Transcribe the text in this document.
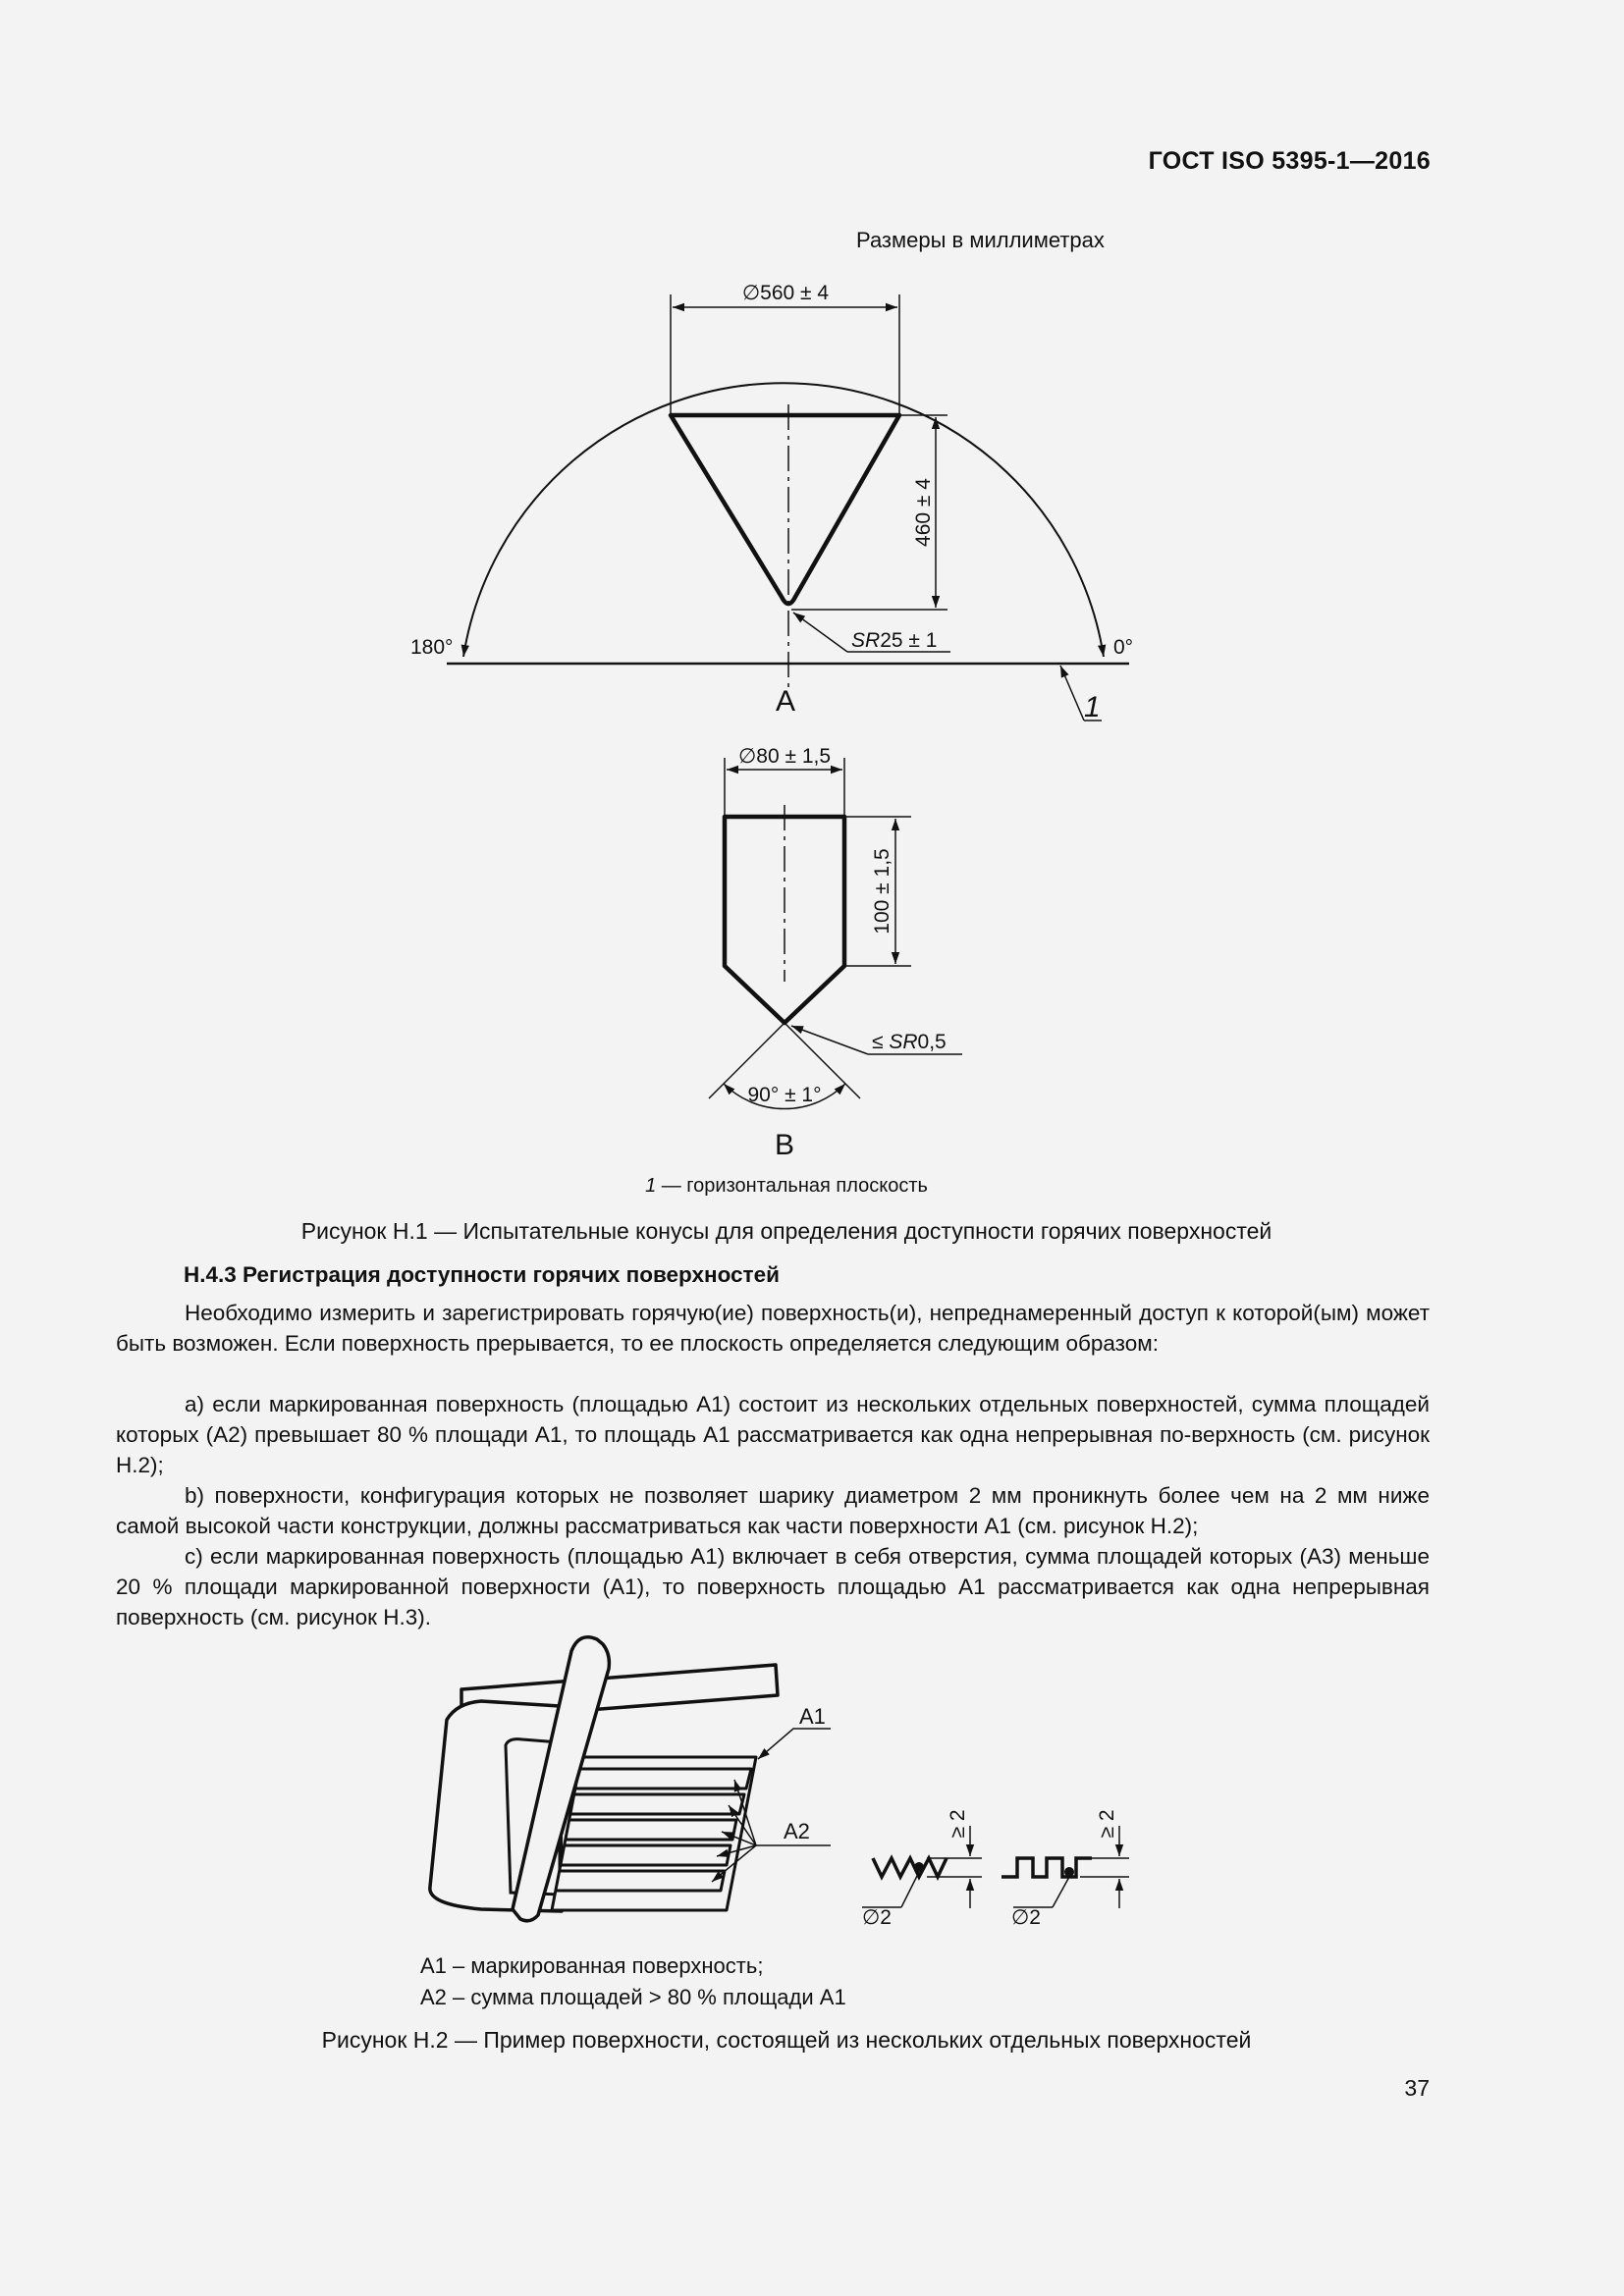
ГОСТ ISO 5395-1—2016
Размеры в миллиметрах
∅560 ± 4
460 ± 4
SR25 ± 1
180°	0°
1
A
∅80 ± 1,5
100 ± 1,5
90° ± 1°
≤ SR0,5
B
A1
A2	≥ 2
∅2
≥ 2
∅2
1 — горизонтальная плоскость
Рисунок Н.1 — Испытательные конусы для определения доступности горячих поверхностей
Н.4.3 Регистрация доступности горячих поверхностей
Необходимо измерить и зарегистрировать горячую(ие) поверхность(и), непреднамеренный доступ к которой(ым) может быть возможен. Если поверхность прерывается, то ее плоскость определяется следующим образом:
a) если маркированная поверхность (площадью А1) состоит из нескольких отдельных поверхностей, сумма площадей которых (А2) превышает 80 % площади А1, то площадь А1 рассматривается как одна непрерывная по-верхность (см. рисунок Н.2);
b) поверхности, конфигурация которых не позволяет шарику диаметром 2 мм проникнуть более чем на 2 мм ниже самой высокой части конструкции, должны рассматриваться как части поверхности А1 (см. рисунок Н.2);
c) если маркированная поверхность (площадью А1) включает в себя отверстия, сумма площадей которых (А3) меньше 20 % площади маркированной поверхности (А1), то поверхность площадью А1 рассматривается как одна непрерывная поверхность (см. рисунок Н.3).
А1 – маркированная поверхность;
А2 – сумма площадей > 80 % площади А1
Рисунок Н.2 — Пример поверхности, состоящей из нескольких отдельных поверхностей
37
